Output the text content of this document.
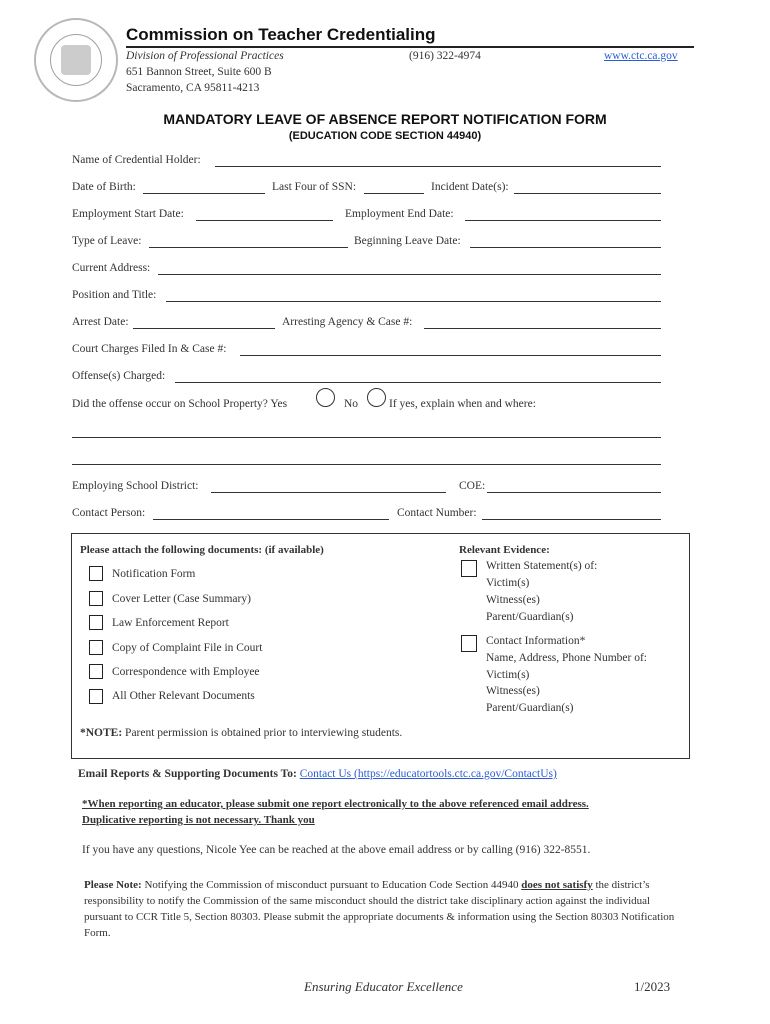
Commission on Teacher Credentialing
Division of Professional Practices	(916) 322-4974	www.ctc.ca.gov
651 Bannon Street, Suite 600 B
Sacramento, CA 95811-4213
MANDATORY LEAVE OF ABSENCE REPORT NOTIFICATION FORM
(EDUCATION CODE SECTION 44940)
Name of Credential Holder:
Date of Birth:	Last Four of SSN:	Incident Date(s):
Employment Start Date:	Employment End Date:
Type of Leave:	Beginning Leave Date:
Current Address:
Position and Title:
Arrest Date:	Arresting Agency & Case #:
Court Charges Filed In & Case #:
Offense(s) Charged:
Did the offense occur on School Property? Yes	No	If yes, explain when and where:
Employing School District:	COE:
Contact Person:	Contact Number:
Please attach the following documents: (if available)
Notification Form
Cover Letter (Case Summary)
Law Enforcement Report
Copy of Complaint File in Court
Correspondence with Employee
All Other Relevant Documents
Relevant Evidence:
Written Statement(s) of:
Victim(s)
Witness(es)
Parent/Guardian(s)
Contact Information*
Name, Address, Phone Number of:
Victim(s)
Witness(es)
Parent/Guardian(s)
*NOTE: Parent permission is obtained prior to interviewing students.
Email Reports & Supporting Documents To: Contact Us (https://educatortools.ctc.ca.gov/ContactUs)
*When reporting an educator, please submit one report electronically to the above referenced email address.
Duplicative reporting is not necessary. Thank you
If you have any questions, Nicole Yee can be reached at the above email address or by calling (916) 322-8551.
Please Note: Notifying the Commission of misconduct pursuant to Education Code Section 44940 does not satisfy the district’s responsibility to notify the Commission of the same misconduct should the district take disciplinary action against the individual pursuant to CCR Title 5, Section 80303. Please submit the appropriate documents & information using the Section 80303 Notification Form.
Ensuring Educator Excellence	1/2023
